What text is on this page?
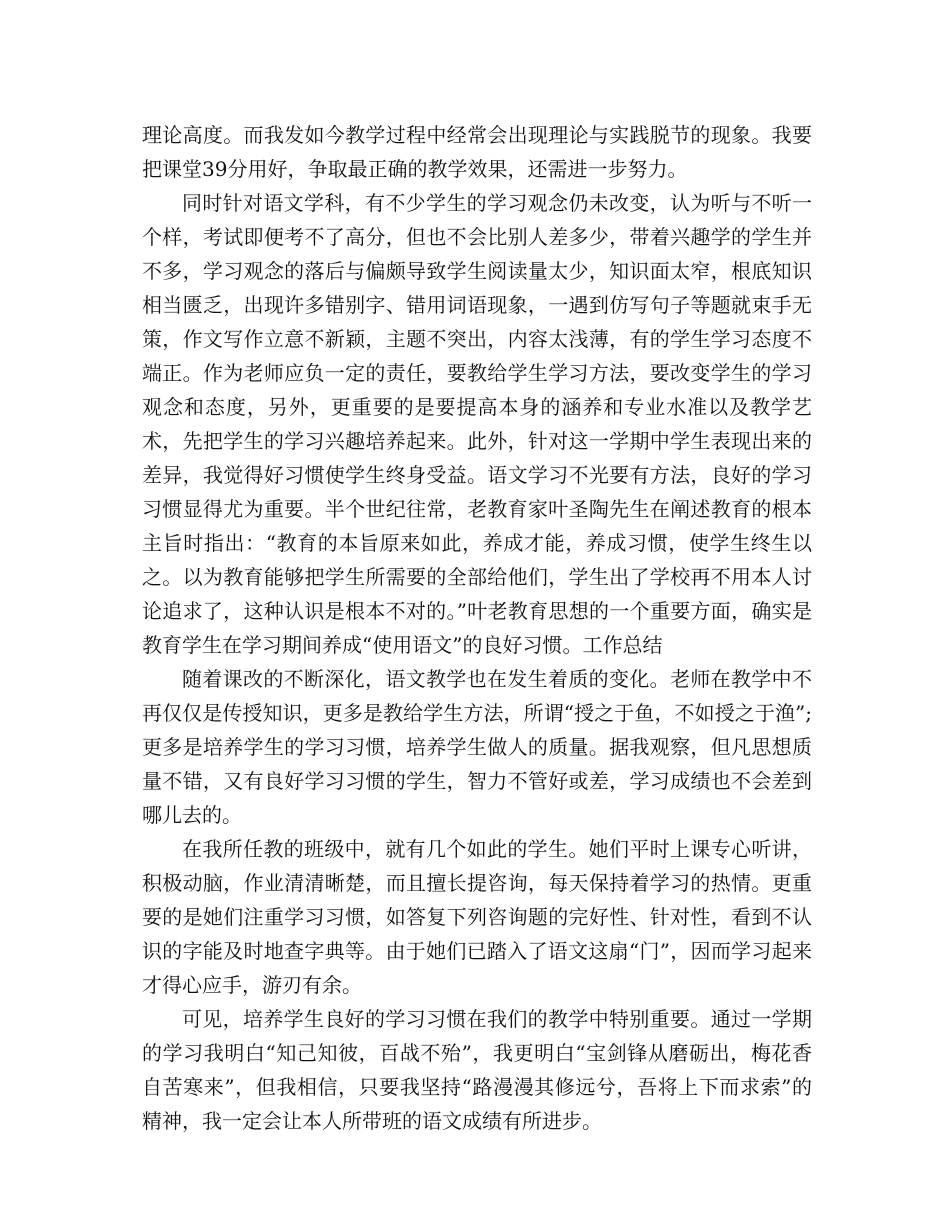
理论高度。而我发如今教学过程中经常会出现理论与实践脱节的现象。我要把课堂39分用好，争取最正确的教学效果，还需进一步努力。

同时针对语文学科，有不少学生的学习观念仍未改变，认为听与不听一个样，考试即便考不了高分，但也不会比别人差多少，带着兴趣学的学生并不多，学习观念的落后与偏颇导致学生阅读量太少，知识面太窄，根底知识相当匮乏，出现许多错别字、错用词语现象，一遇到仿写句子等题就束手无策，作文写作立意不新颖，主题不突出，内容太浅薄，有的学生学习态度不端正。作为老师应负一定的责任，要教给学生学习方法，要改变学生的学习观念和态度，另外，更重要的是要提高本身的涵养和专业水准以及教学艺术，先把学生的学习兴趣培养起来。此外，针对这一学期中学生表现出来的差异，我觉得好习惯使学生终身受益。语文学习不光要有方法，良好的学习习惯显得尤为重要。半个世纪往常，老教育家叶圣陶先生在阐述教育的根本主旨时指出：“教育的本旨原来如此，养成才能，养成习惯，使学生终生以之。以为教育能够把学生所需要的全部给他们，学生出了学校再不用本人讨论追求了，这种认识是根本不对的。”叶老教育思想的一个重要方面，确实是教育学生在学习期间养成“使用语文”的良好习惯。工作总结

随着课改的不断深化，语文教学也在发生着质的变化。老师在教学中不再仅仅是传授知识，更多是教给学生方法，所谓“授之于鱼，不如授之于渔”;更多是培养学生的学习习惯，培养学生做人的质量。据我观察，但凡思想质量不错，又有良好学习习惯的学生，智力不管好或差，学习成绩也不会差到哪儿去的。

在我所任教的班级中，就有几个如此的学生。她们平时上课专心听讲，积极动脑，作业清清晰楚，而且擅长提咨询，每天保持着学习的热情。更重要的是她们注重学习习惯，如答复下列咨询题的完好性、针对性，看到不认识的字能及时地查字典等。由于她们已踏入了语文这扇“门”，因而学习起来才得心应手，游刃有余。

可见，培养学生良好的学习习惯在我们的教学中特别重要。通过一学期的学习我明白“知己知彼，百战不殆”，我更明白“宝剑锋从磨砺出，梅花香自苦寒来”，但我相信，只要我坚持“路漫漫其修远兮，吾将上下而求索”的精神，我一定会让本人所带班的语文成绩有所进步。
